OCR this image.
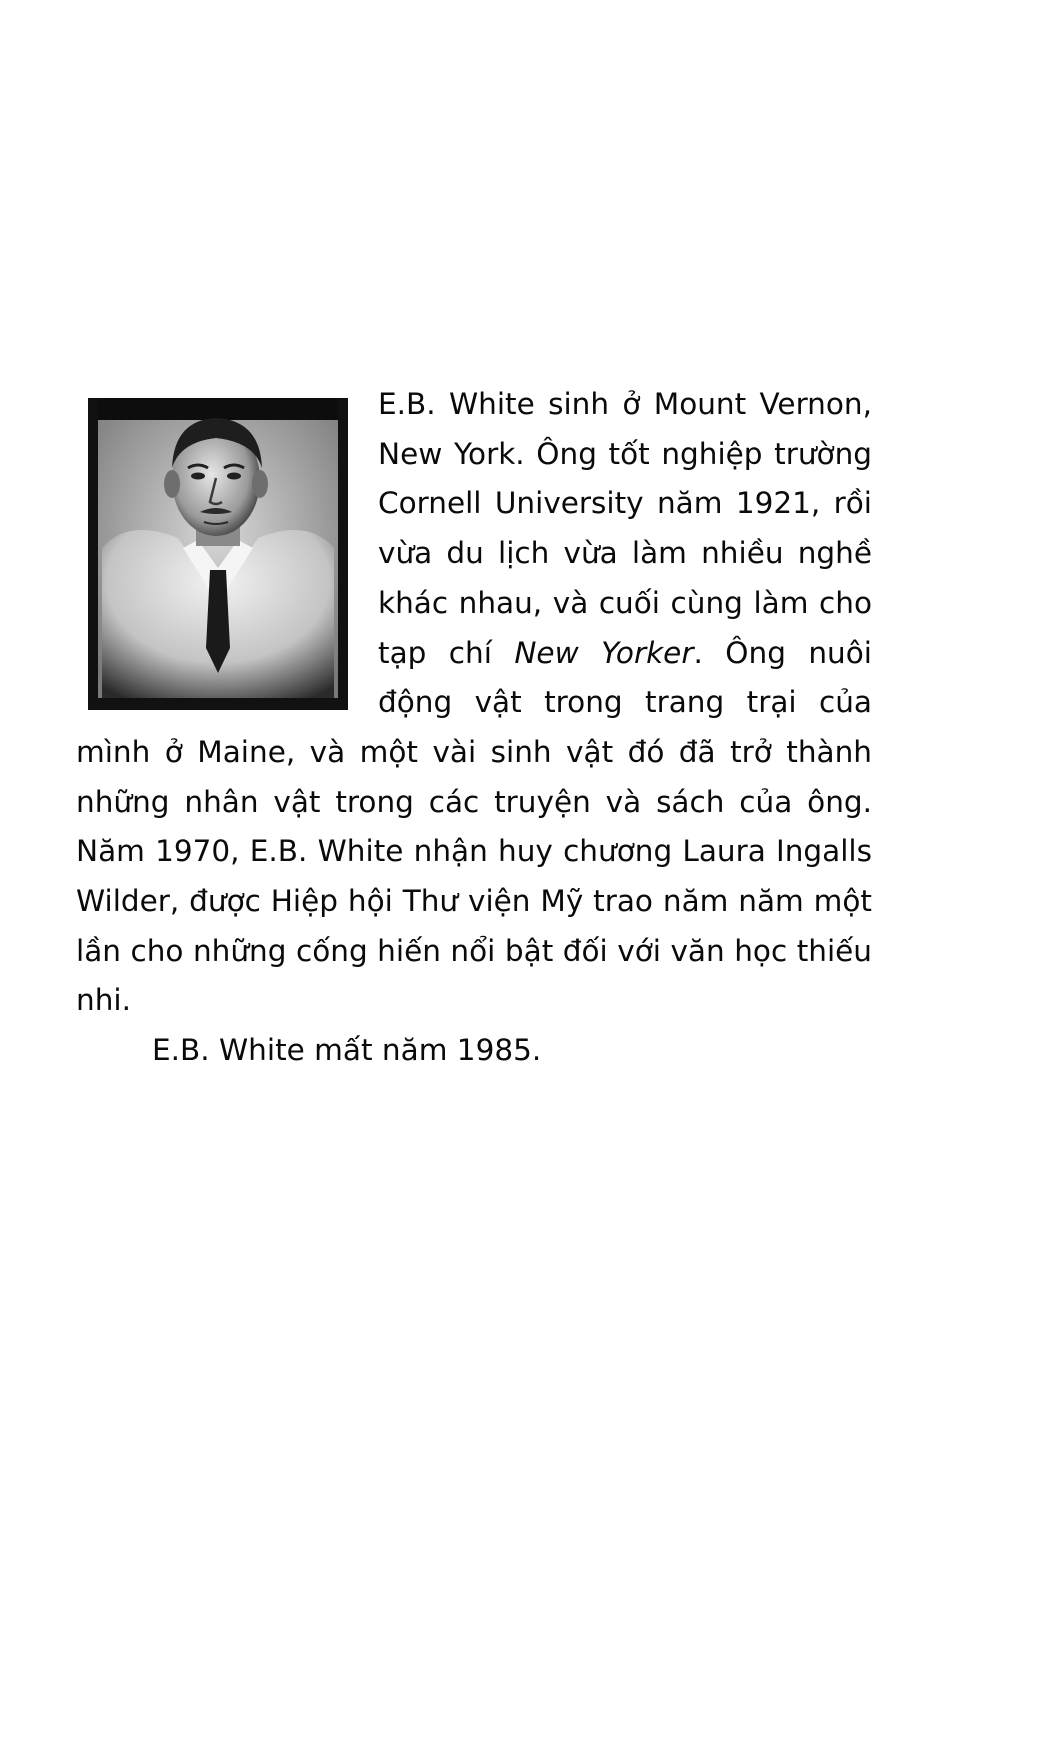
E.B. White sinh ở Mount Vernon, New York. Ông tốt nghiệp trường Cornell University năm 1921, rồi vừa du lịch vừa làm nhiều nghề khác nhau, và cuối cùng làm cho tạp chí New Yorker. Ông nuôi động vật trong trang trại của mình ở Maine, và một vài sinh vật đó đã trở thành những nhân vật trong các truyện và sách của ông. Năm 1970, E.B. White nhận huy chương Laura Ingalls Wilder, được Hiệp hội Thư viện Mỹ trao năm năm một lần cho những cống hiến nổi bật đối với văn học thiếu nhi.

E.B. White mất năm 1985.
